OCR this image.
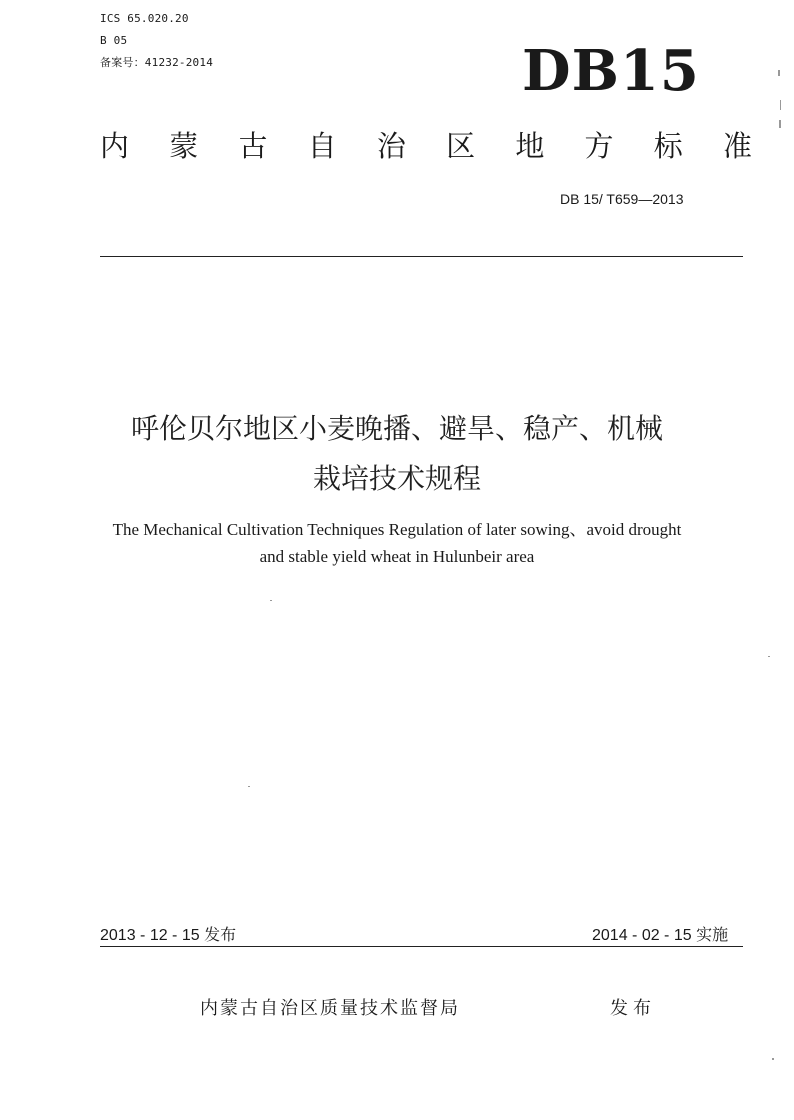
ICS 65.020.20
B 05
备案号：41232-2014	DB15
内 蒙 古 自 治 区 地 方 标 准
DB 15/ T659—2013
呼伦贝尔地区小麦晚播、避旱、稳产、机械
栽培技术规程
The Mechanical Cultivation Techniques Regulation of later sowing、avoid drought
and stable yield wheat in Hulunbeir area
2013 - 12 - 15 发布	2014 - 02 - 15 实施
内蒙古自治区质量技术监督局	发布
